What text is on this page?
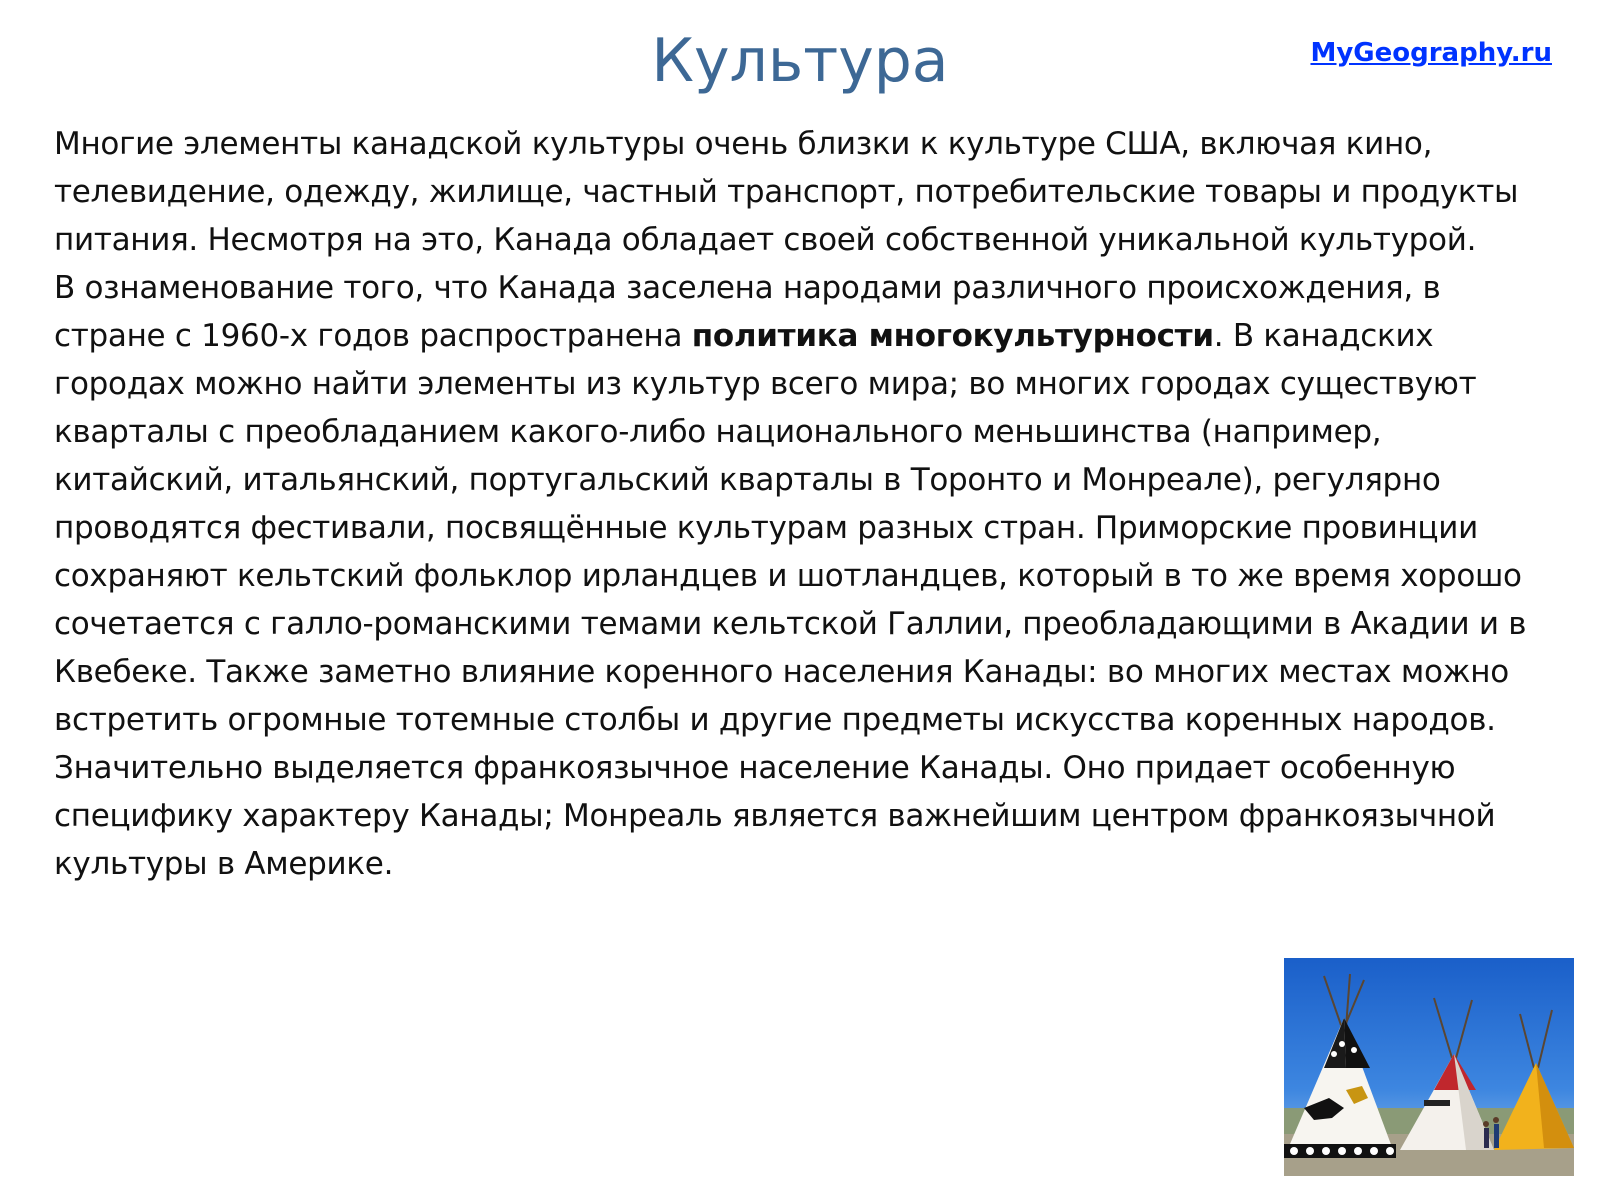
Культура	MyGeography.ru

Многие элементы канадской культуры очень близки к культуре США, включая кино, телевидение, одежду, жилище, частный транспорт, потребительские товары и продукты питания. Несмотря на это, Канада обладает своей собственной уникальной культурой.

В ознаменование того, что Канада заселена народами различного происхождения, в стране с 1960-х годов распространена политика многокультурности. В канадских городах можно найти элементы из культур всего мира; во многих городах существуют кварталы с преобладанием какого-либо национального меньшинства (например, китайский, итальянский, португальский кварталы в Торонто и Монреале), регулярно проводятся фестивали, посвящённые культурам разных стран. Приморские провинции сохраняют кельтский фольклор ирландцев и шотландцев, который в то же время хорошо сочетается с галло-романскими темами кельтской Галлии, преобладающими в Акадии и в Квебеке. Также заметно влияние коренного населения Канады: во многих местах можно встретить огромные тотемные столбы и другие предметы искусства коренных народов.

Значительно выделяется франкоязычное население Канады. Оно придает особенную специфику характеру Канады; Монреаль является важнейшим центром франкоязычной культуры в Америке.
